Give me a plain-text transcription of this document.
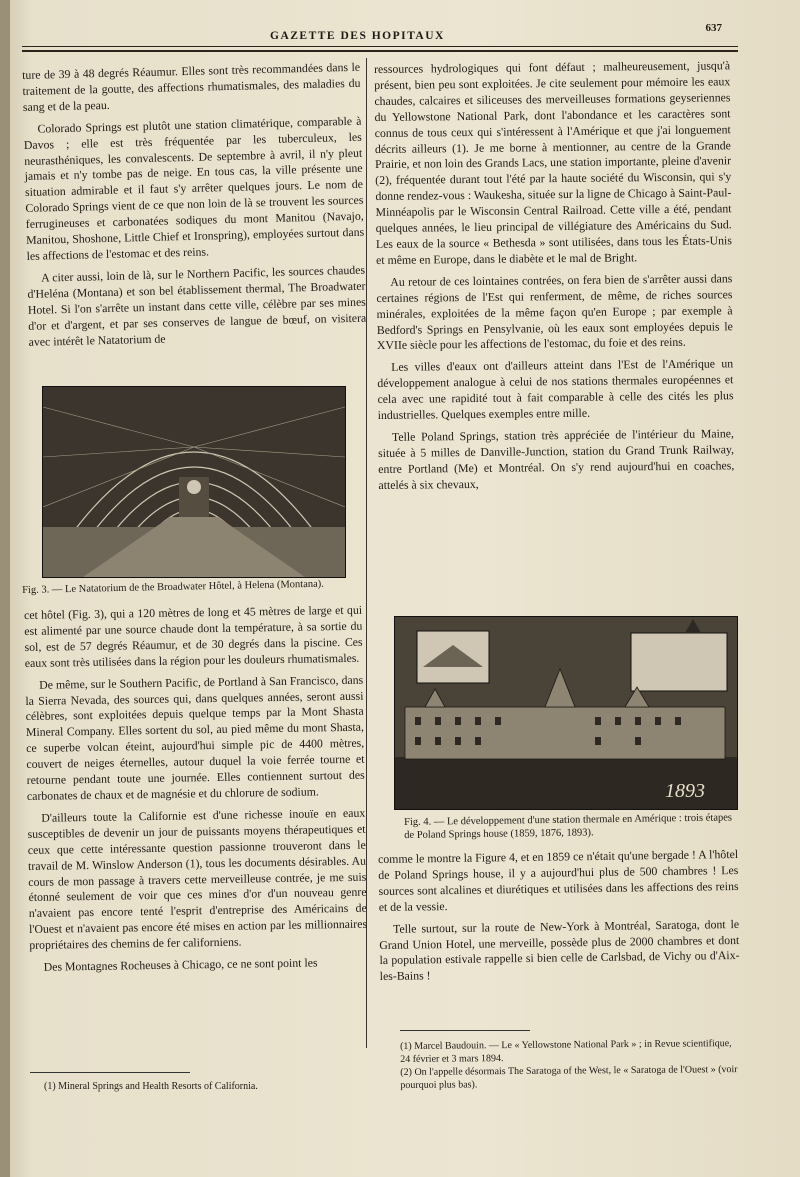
GAZETTE DES HOPITAUX
637

ture de 39 à 48 degrés Réaumur. Elles sont très recommandées dans le traitement de la goutte, des affections rhumatismales, des maladies du sang et de la peau.

Colorado Springs est plutôt une station climatérique, comparable à Davos ; elle est très fréquentée par les tuberculeux, les neurasthéniques, les convalescents. De septembre à avril, il n'y pleut jamais et n'y tombe pas de neige. En tous cas, la ville présente une situation admirable et il faut s'y arrêter quelques jours. Le nom de Colorado Springs vient de ce que non loin de là se trouvent les sources ferrugineuses et carbonatées sodiques du mont Manitou (Navajo, Manitou, Shoshone, Little Chief et Ironspring), employées surtout dans les affections de l'estomac et des reins.

A citer aussi, loin de là, sur le Northern Pacific, les sources chaudes d'Heléna (Montana) et son bel établissement thermal, The Broadwater Hotel. Si l'on s'arrête un instant dans cette ville, célèbre par ses mines d'or et d'argent, et par ses conserves de langue de bœuf, on visitera avec intérêt le Natatorium de

Fig. 3. — Le Natatorium de the Broadwater Hôtel, à Helena (Montana).

cet hôtel (Fig. 3), qui a 120 mètres de long et 45 mètres de large et qui est alimenté par une source chaude dont la température, à sa sortie du sol, est de 57 degrés Réaumur, et de 30 degrés dans la piscine. Ces eaux sont très utilisées dans la région pour les douleurs rhumatismales.

De même, sur le Southern Pacific, de Portland à San Francisco, dans la Sierra Nevada, des sources qui, dans quelques années, seront aussi célèbres, sont exploitées depuis quelque temps par la Mont Shasta Mineral Company. Elles sortent du sol, au pied même du mont Shasta, ce superbe volcan éteint, aujourd'hui simple pic de 4400 mètres, couvert de neiges éternelles, autour duquel la voie ferrée tourne et retourne pendant toute une journée. Elles contiennent surtout des carbonates de chaux et de magnésie et du chlorure de sodium.

D'ailleurs toute la Californie est d'une richesse inouïe en eaux susceptibles de devenir un jour de puissants moyens thérapeutiques et ceux que cette intéressante question passionne trouveront dans le travail de M. Winslow Anderson (1), tous les documents désirables. Au cours de mon passage à travers cette merveilleuse contrée, je me suis étonné seulement de voir que ces mines d'or d'un nouveau genre n'avaient pas encore tenté l'esprit d'entreprise des Américains de l'Ouest et n'avaient pas encore été mises en action par les millionnaires propriétaires des chemins de fer californiens.

Des Montagnes Rocheuses à Chicago, ce ne sont point les

(1) Mineral Springs and Health Resorts of California.

ressources hydrologiques qui font défaut ; malheureusement, jusqu'à présent, bien peu sont exploitées. Je cite seulement pour mémoire les eaux chaudes, calcaires et siliceuses des merveilleuses formations geyseriennes du Yellowstone National Park, dont l'abondance et les caractères sont connus de tous ceux qui s'intéressent à l'Amérique et que j'ai longuement décrits ailleurs (1). Je me borne à mentionner, au centre de la Grande Prairie, et non loin des Grands Lacs, une station importante, pleine d'avenir (2), fréquentée durant tout l'été par la haute société du Wisconsin, qui s'y donne rendez-vous : Waukesha, située sur la ligne de Chicago à Saint-Paul-Minnéapolis par le Wisconsin Central Railroad. Cette ville a été, pendant quelques années, le lieu principal de villégiature des Américains du Sud. Les eaux de la source « Bethesda » sont utilisées, dans tous les États-Unis et même en Europe, dans le diabète et le mal de Bright.

Au retour de ces lointaines contrées, on fera bien de s'arrêter aussi dans certaines régions de l'Est qui renferment, de même, de riches sources minérales, exploitées de la même façon qu'en Europe ; par exemple à Bedford's Springs en Pensylvanie, où les eaux sont employées depuis le XVIIe siècle pour les affections de l'estomac, du foie et des reins.

Les villes d'eaux ont d'ailleurs atteint dans l'Est de l'Amérique un développement analogue à celui de nos stations thermales européennes et cela avec une rapidité tout à fait comparable à celle des cités les plus industrielles. Quelques exemples entre mille.

Telle Poland Springs, station très appréciée de l'intérieur du Maine, située à 5 milles de Danville-Junction, station du Grand Trunk Railway, entre Portland (Me) et Montréal. On s'y rend aujourd'hui en coaches, attelés à six chevaux,

1893
Fig. 4. — Le développement d'une station thermale en Amérique : trois étapes de Poland Springs house (1859, 1876, 1893).

comme le montre la Figure 4, et en 1859 ce n'était qu'une bergade ! A l'hôtel de Poland Springs house, il y a aujourd'hui plus de 500 chambres ! Les sources sont alcalines et diurétiques et utilisées dans les affections des reins et de la vessie.

Telle surtout, sur la route de New-York à Montréal, Saratoga, dont le Grand Union Hotel, une merveille, possède plus de 2000 chambres et dont la population estivale rappelle si bien celle de Carlsbad, de Vichy ou d'Aix-les-Bains !

(1) Marcel Baudouin. — Le « Yellowstone National Park » ; in Revue scientifique, 24 février et 3 mars 1894.
(2) On l'appelle désormais The Saratoga of the West, le « Saratoga de l'Ouest » (voir pourquoi plus bas).
